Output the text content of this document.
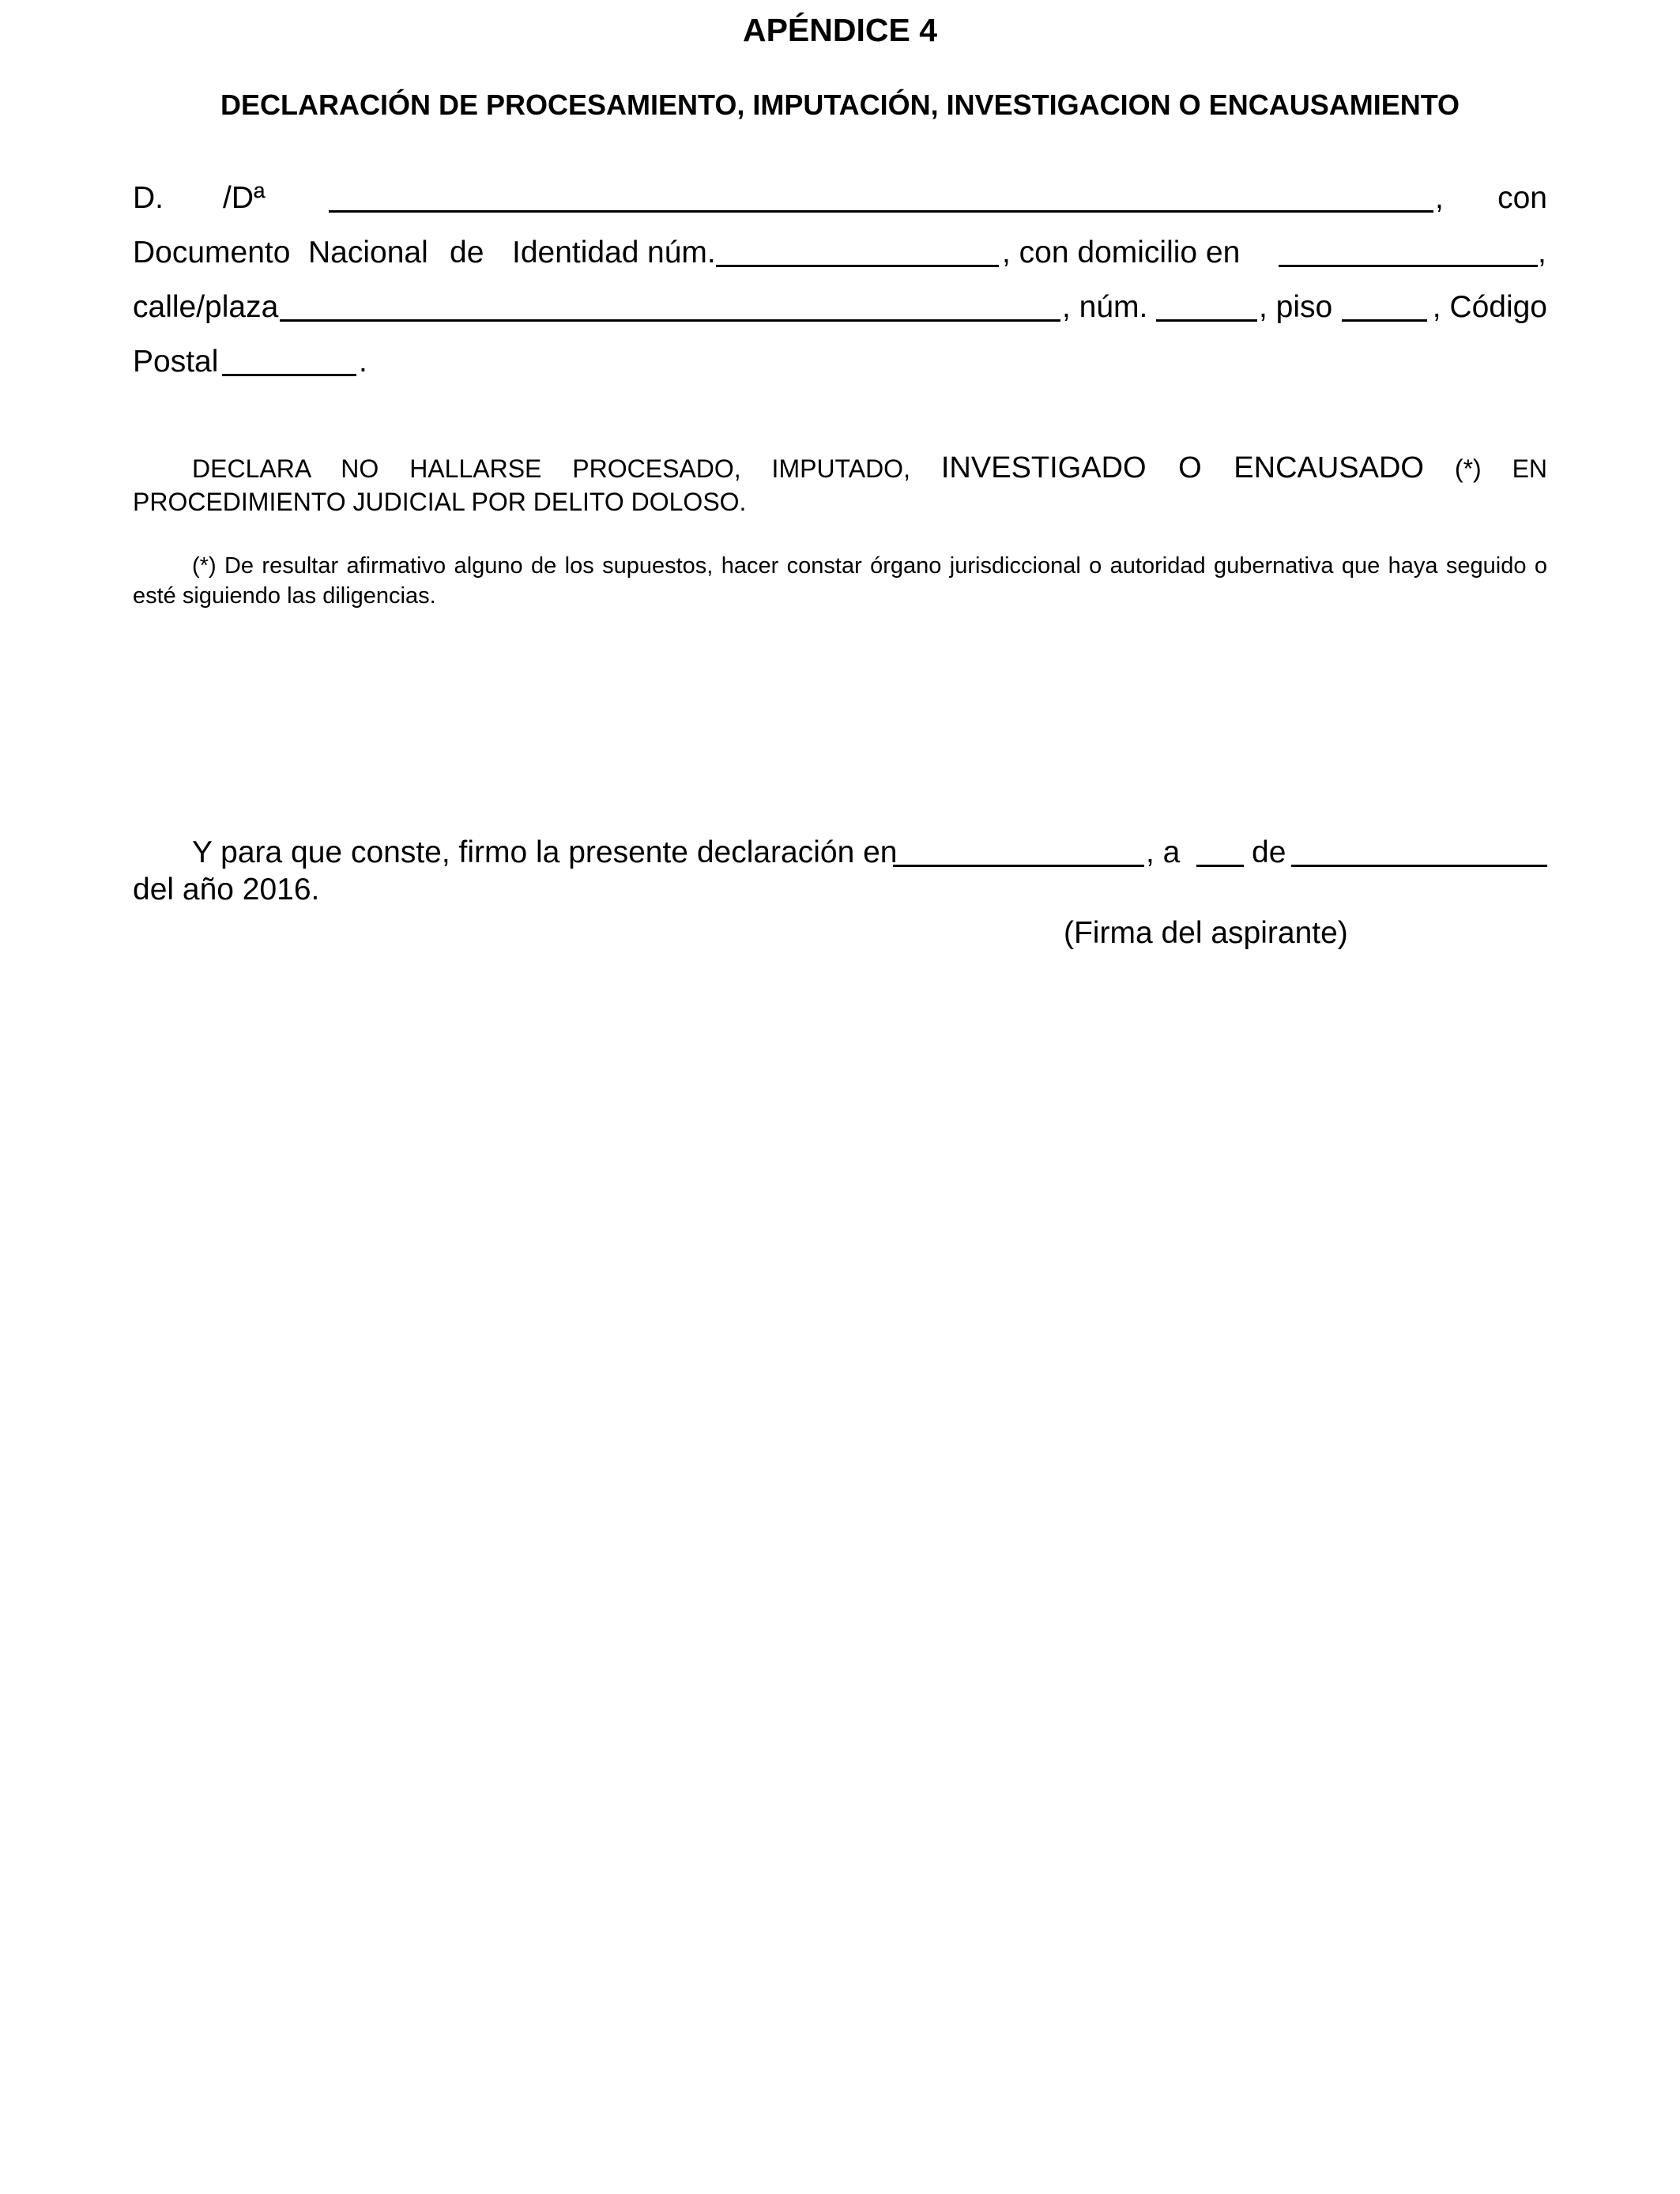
APÉNDICE 4
DECLARACIÓN DE PROCESAMIENTO, IMPUTACIÓN, INVESTIGACION O ENCAUSAMIENTO
D. /Dª	, con
Documento Nacional de Identidad núm.	, con domicilio en	,
calle/plaza	, núm.	, piso	, Código
Postal	.
DECLARA NO HALLARSE PROCESADO, IMPUTADO, INVESTIGADO O ENCAUSADO (*) EN PROCEDIMIENTO JUDICIAL POR DELITO DOLOSO.
(*) De resultar afirmativo alguno de los supuestos, hacer constar órgano jurisdiccional o autoridad gubernativa que haya seguido o esté siguiendo las diligencias.
Y para que conste, firmo la presente declaración en	, a de
del año 2016.
(Firma del aspirante)
